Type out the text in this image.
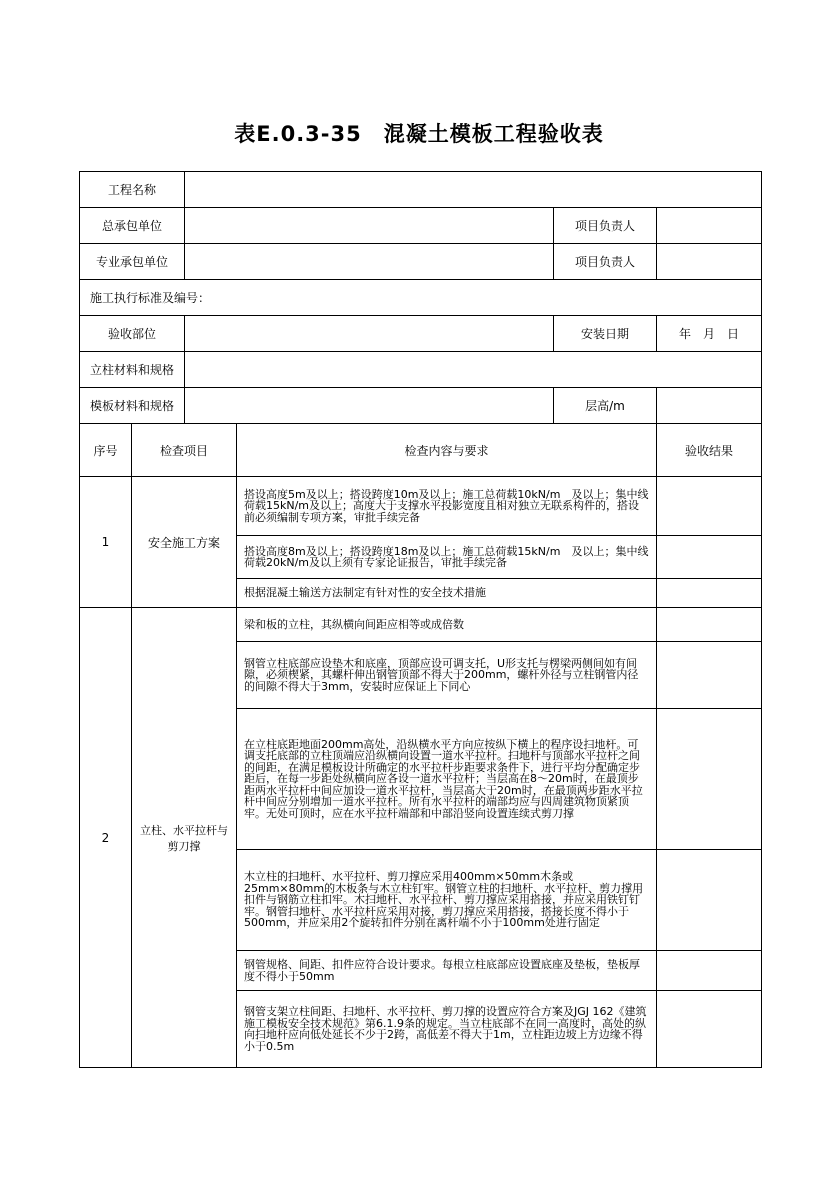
表E.0.3-35　混凝土模板工程验收表
工程名称			
总承包单位		项目负责人	
专业承包单位		项目负责人	
施工执行标准及编号：			
验收部位		安装日期	年　月　日
立柱材料和规格			
模板材料和规格		层高/m	
序号	检查项目	检查内容与要求	验收结果
1	安全施工方案	搭设高度5m及以上；搭设跨度10m及以上；施工总荷载10kN/m　及以上；集中线荷载15kN/m及以上；高度大于支撑水平投影宽度且相对独立无联系构件的，搭设前必须编制专项方案，审批手续完备	
		搭设高度8m及以上；搭设跨度18m及以上；施工总荷载15kN/m　及以上；集中线荷载20kN/m及以上须有专家论证报告，审批手续完备	
		根据混凝土输送方法制定有针对性的安全技术措施	
2	立柱、水平拉杆与剪刀撑	梁和板的立柱，其纵横向间距应相等或成倍数	
		钢管立柱底部应设垫木和底座，顶部应设可调支托，U形支托与楞梁两侧间如有间隙，必须楔紧，其螺杆伸出钢管顶部不得大于200mm，螺杆外径与立柱钢管内径的间隙不得大于3mm，安装时应保证上下同心	
		在立柱底距地面200mm高处，沿纵横水平方向应按纵下横上的程序设扫地杆。可调支托底部的立柱顶端应沿纵横向设置一道水平拉杆。扫地杆与顶部水平拉杆之间的间距，在满足模板设计所确定的水平拉杆步距要求条件下，进行平均分配确定步距后，在每一步距处纵横向应各设一道水平拉杆；当层高在8～20m时，在最顶步距两水平拉杆中间应加设一道水平拉杆，当层高大于20m时，在最顶两步距水平拉杆中间应分别增加一道水平拉杆。所有水平拉杆的端部均应与四周建筑物顶紧顶牢。无处可顶时，应在水平拉杆端部和中部沿竖向设置连续式剪刀撑	
		木立柱的扫地杆、水平拉杆、剪刀撑应采用400mm×50mm木条或25mm×80mm的木板条与木立柱钉牢。钢管立柱的扫地杆、水平拉杆、剪力撑用扣件与钢筋立柱扣牢。木扫地杆、水平拉杆、剪刀撑应采用搭接，并应采用铁钉钉牢。钢管扫地杆、水平拉杆应采用对接，剪刀撑应采用搭接，搭接长度不得小于500mm，并应采用2个旋转扣件分别在离杆端不小于100mm处进行固定	
		钢管规格、间距、扣件应符合设计要求。每根立柱底部应设置底座及垫板，垫板厚度不得小于50mm	
		钢管支架立柱间距、扫地杆、水平拉杆、剪刀撑的设置应符合方案及JGJ 162《建筑施工模板安全技术规范》第6.1.9条的规定。当立柱底部不在同一高度时，高处的纵向扫地杆应向低处延长不少于2跨，高低差不得大于1m，立柱距边坡上方边缘不得小于0.5m	
